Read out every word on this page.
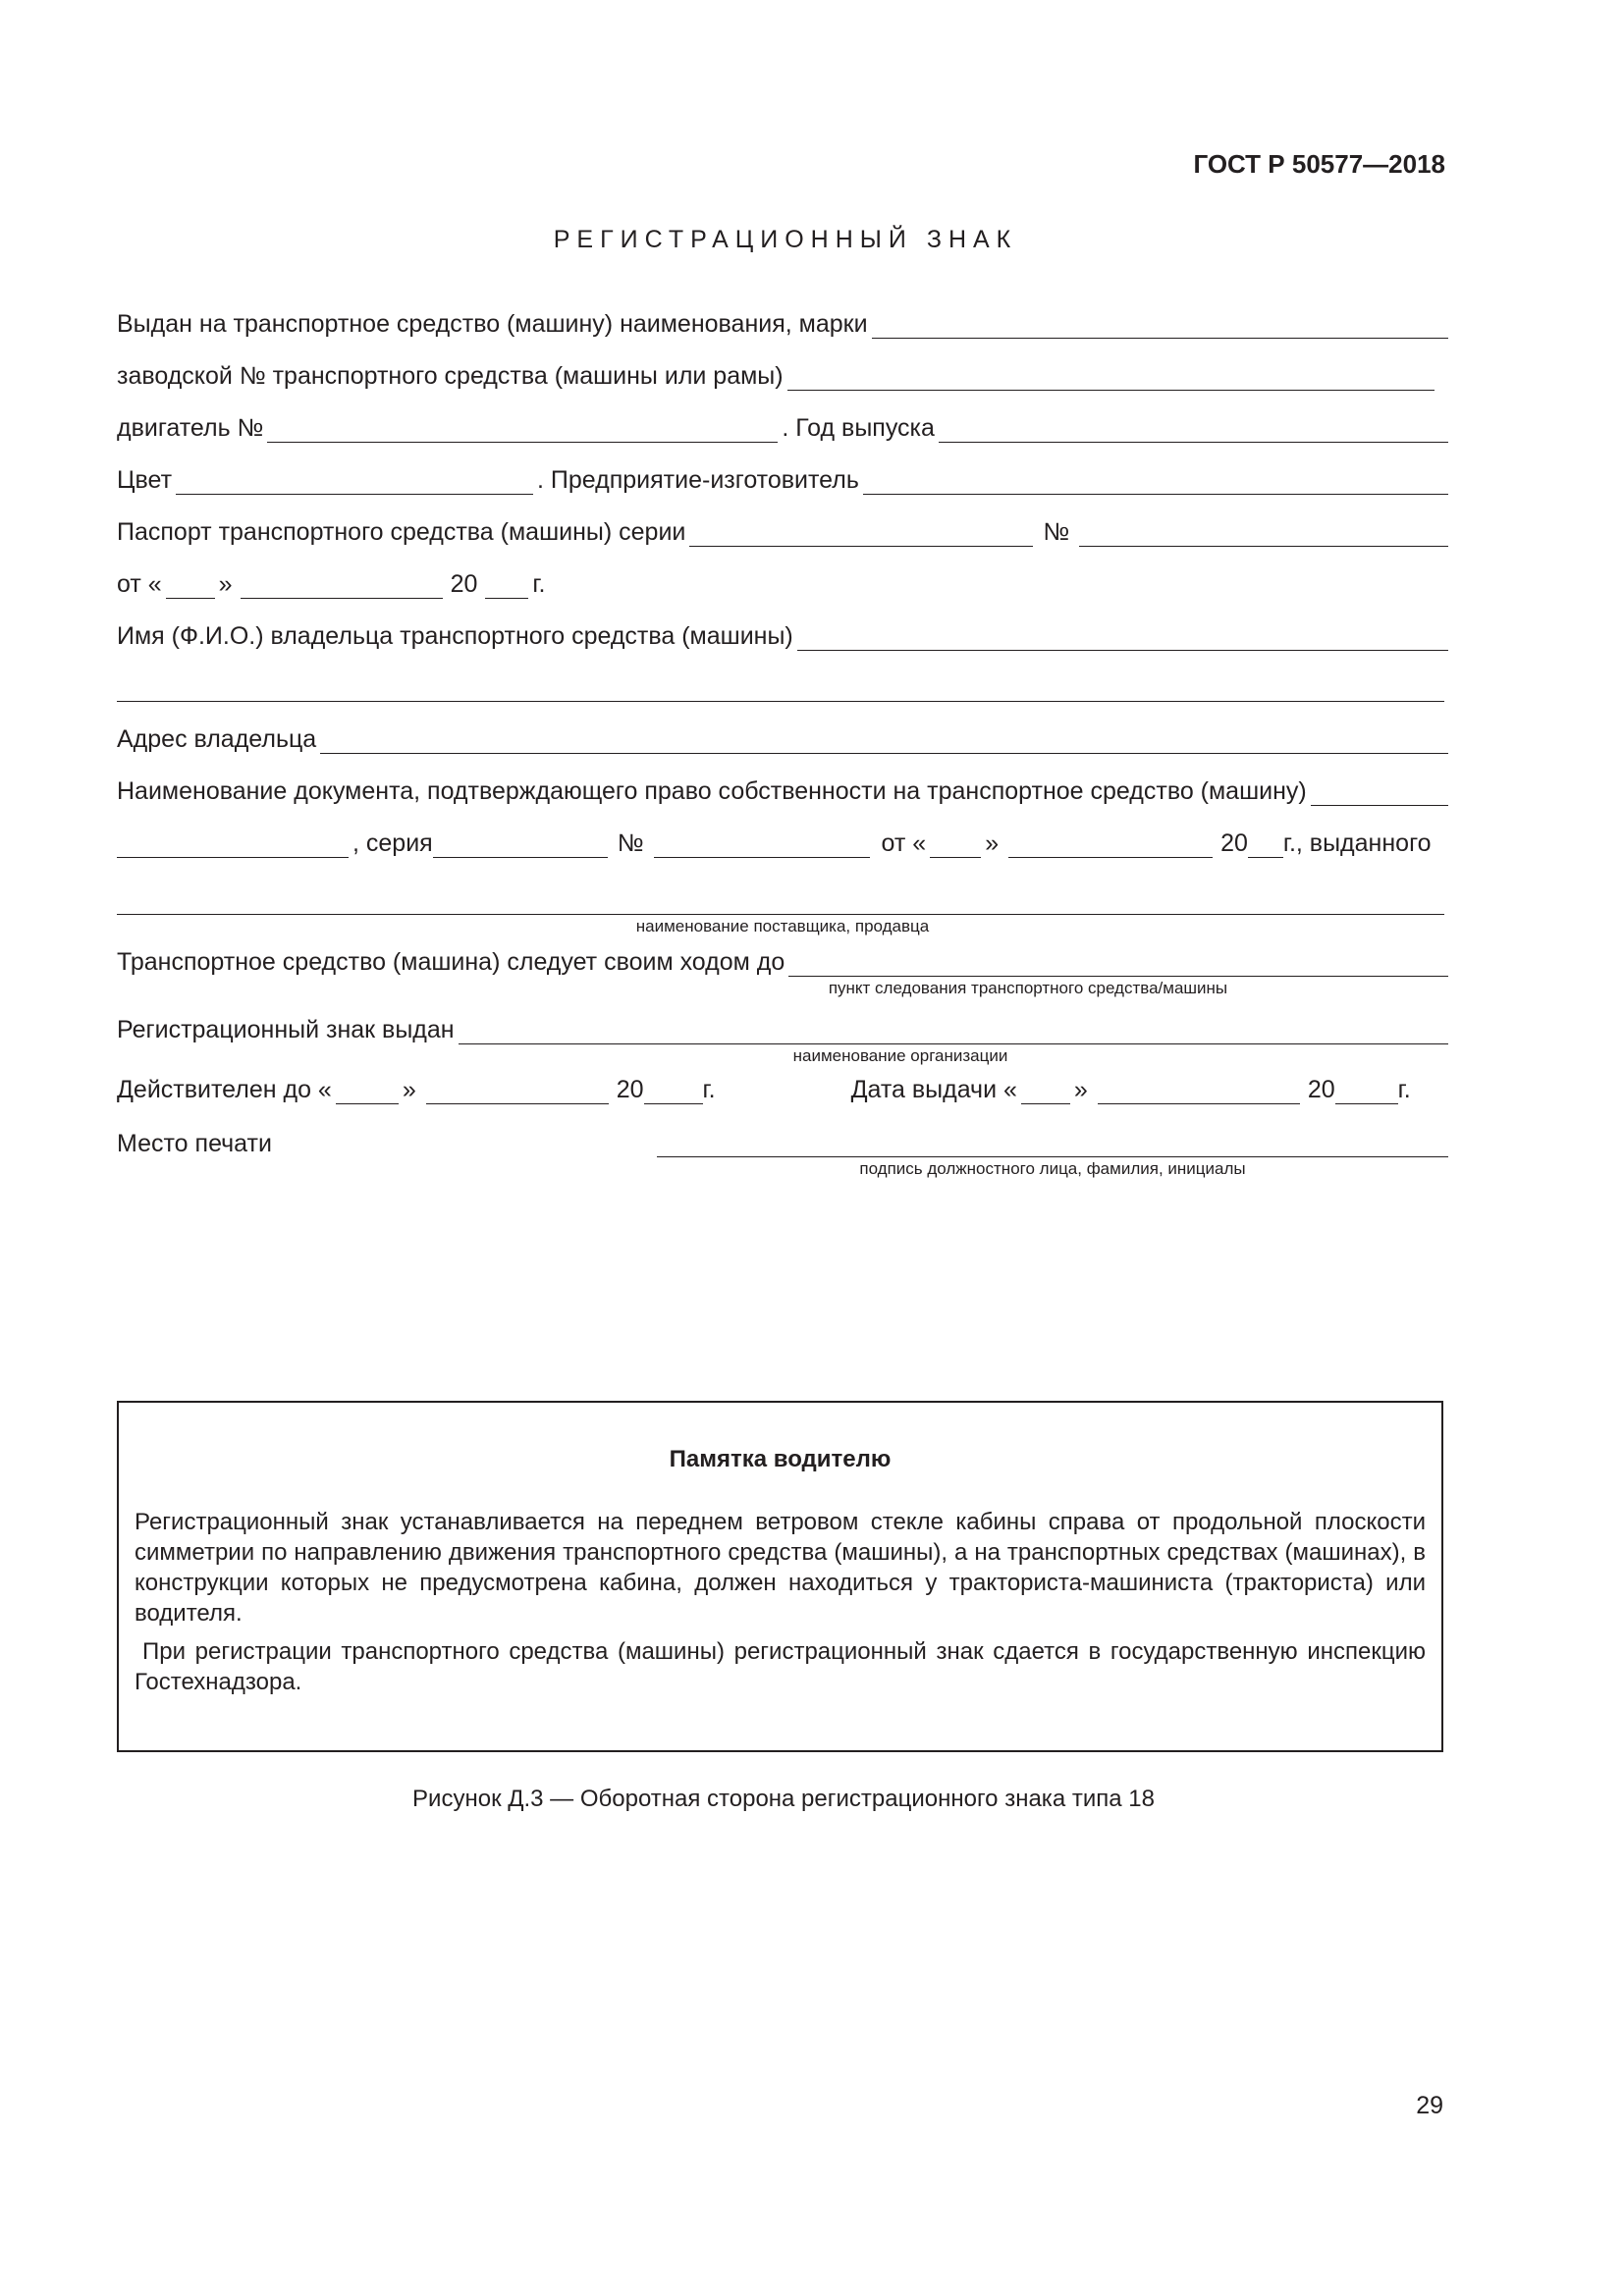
ГОСТ Р 50577—2018
РЕГИСТРАЦИОННЫЙ ЗНАК
Выдан на транспортное средство (машину) наименования, марки
заводской № транспортного средства (машины или рамы)
двигатель №	. Год выпуска
Цвет	. Предприятие-изготовитель
Паспорт транспортного средства (машины) серии	№
от « »	20 г.
Имя (Ф.И.О.) владельца транспортного средства (машины)
Адрес владельца
Наименование документа, подтверждающего право собственности на транспортное средство (машину)
, серия	№	от « »	20 г., выданного
наименование поставщика, продавца
Транспортное средство (машина) следует своим ходом до
пункт следования транспортного средства/машины
Регистрационный знак выдан
наименование организации
Действителен до «	»	20 г.	Дата выдачи « »	20	г.
Место печати
подпись должностного лица, фамилия, инициалы
Памятка водителю

Регистрационный знак устанавливается на переднем ветровом стекле кабины справа от продольной плоскости симметрии по направлению движения транспортного средства (машины), а на транспортных средствах (машинах), в конструкции которых не предусмотрена кабина, должен находиться у тракториста-машиниста (тракториста) или водителя.

При регистрации транспортного средства (машины) регистрационный знак сдается в государственную инспекцию Гостехнадзора.

Рисунок Д.3 — Оборотная сторона регистрационного знака типа 18
29
